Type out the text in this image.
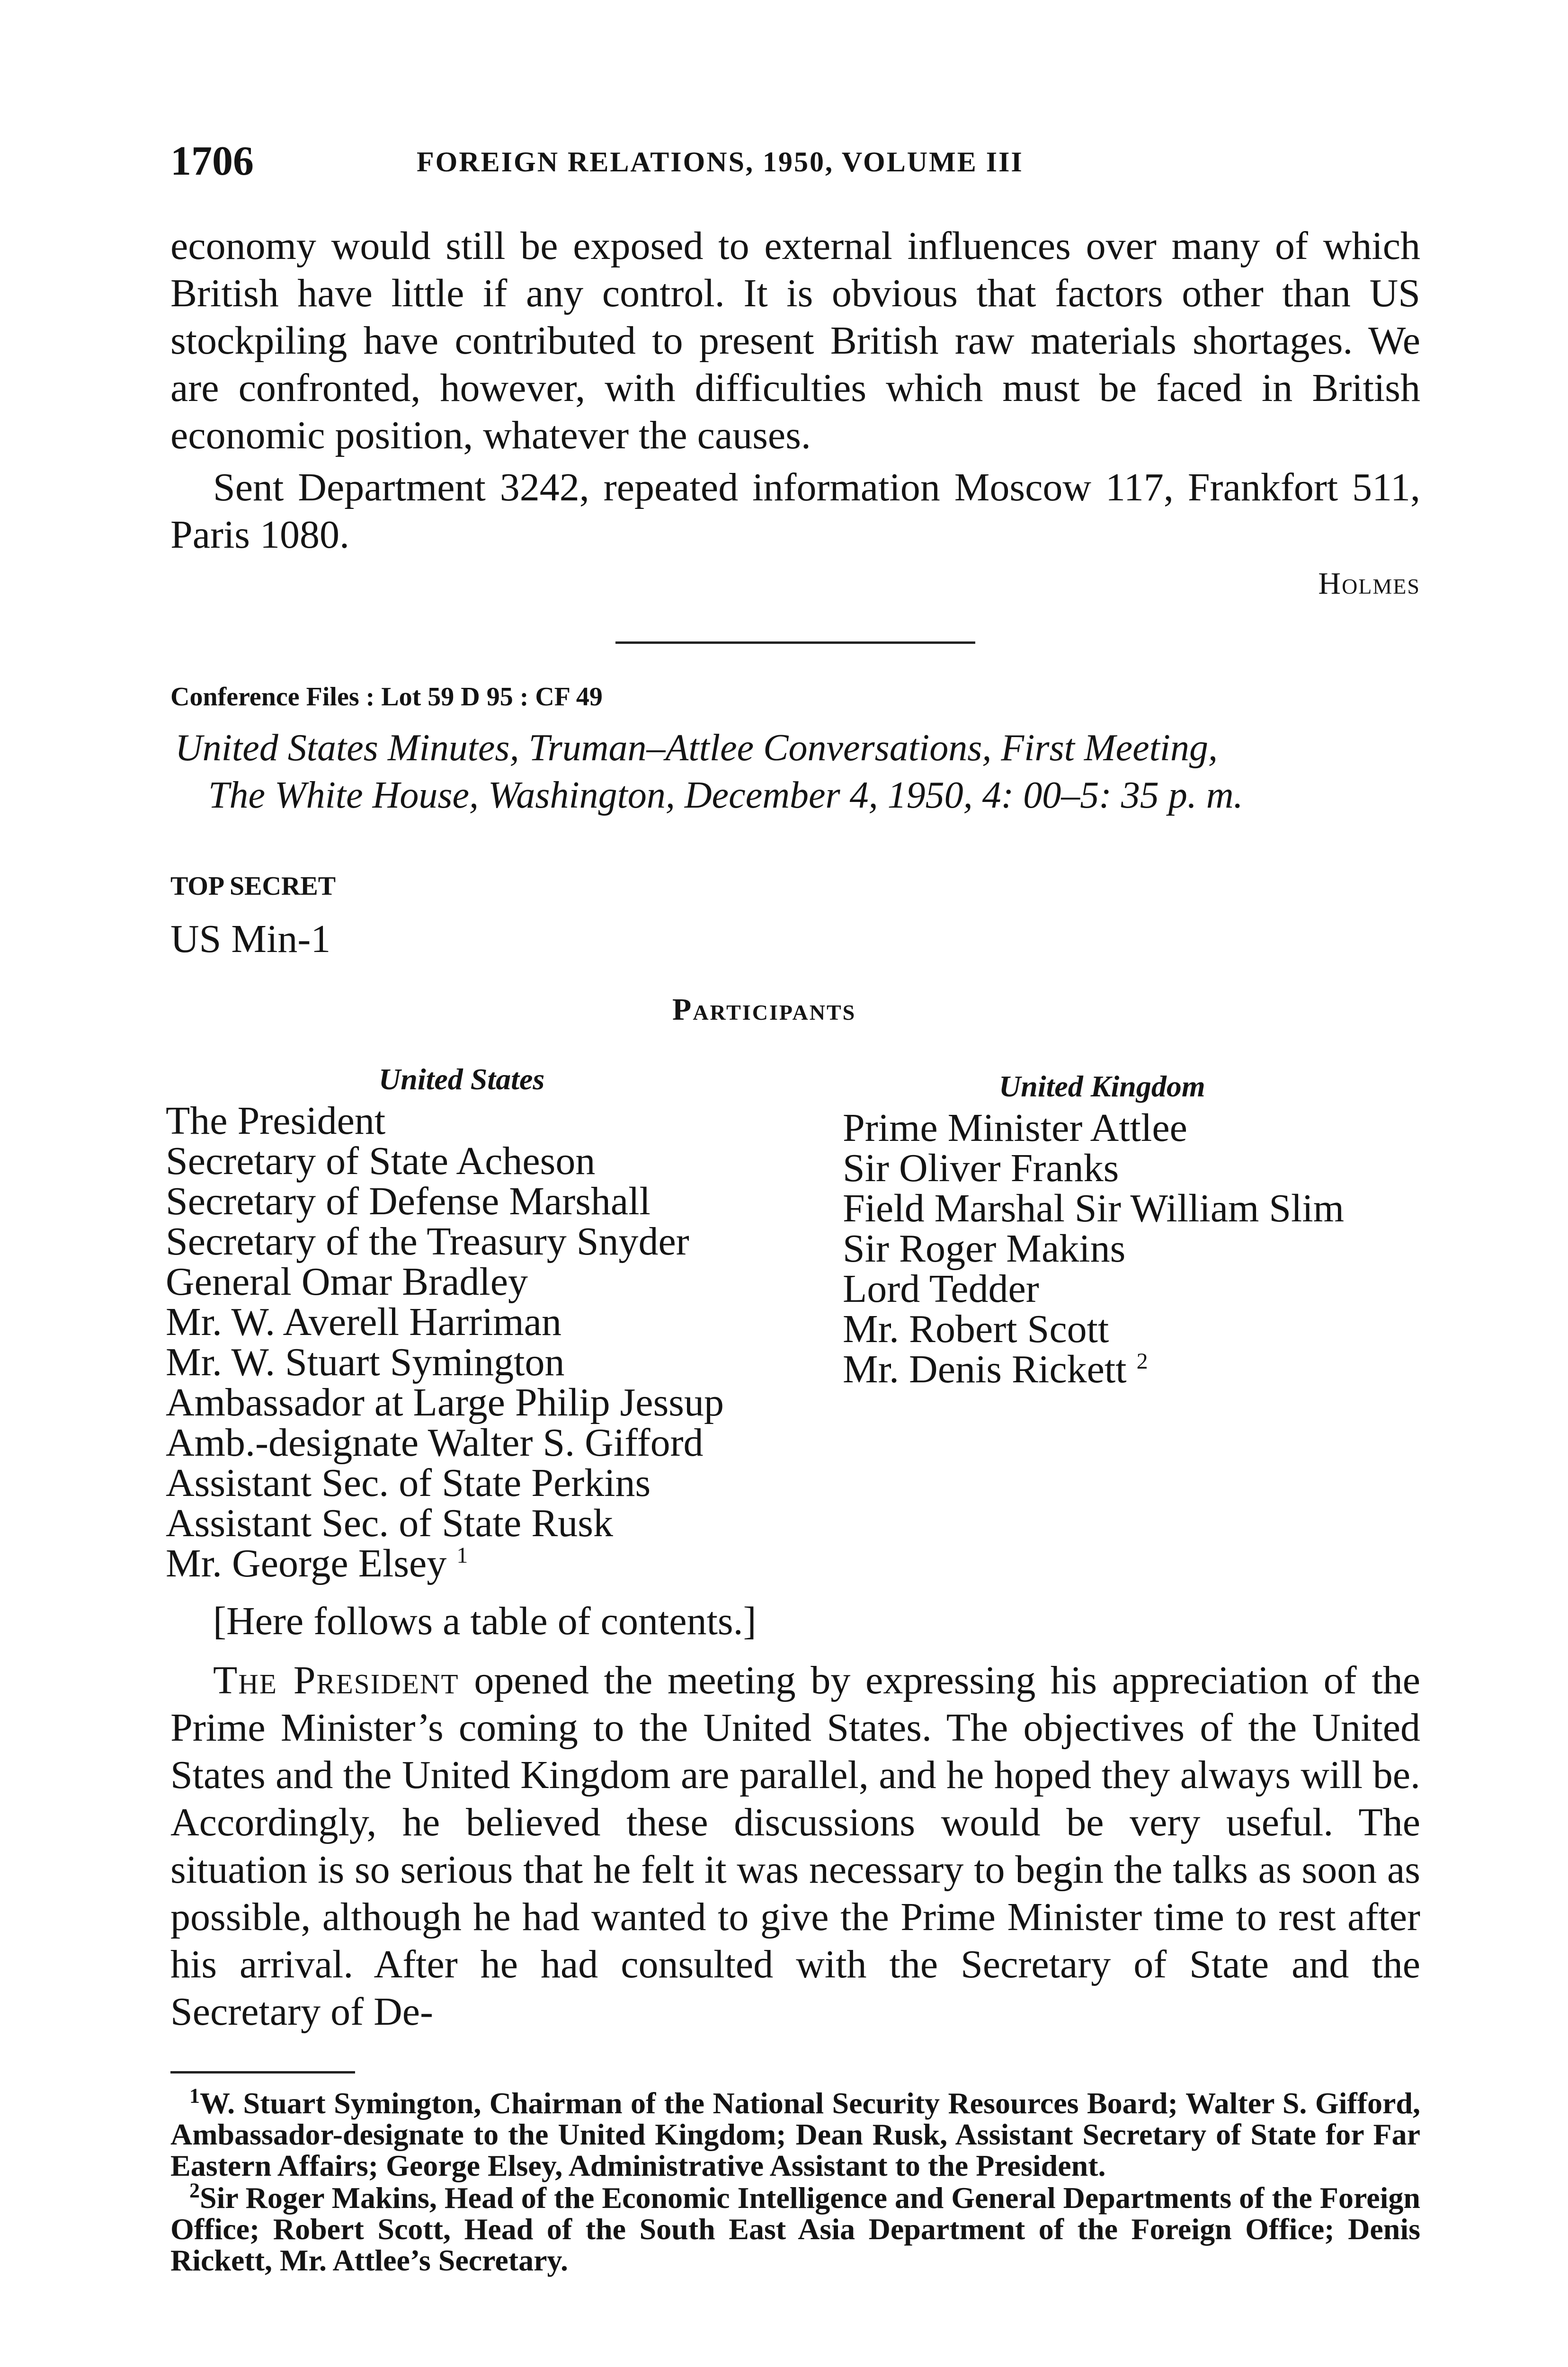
1706	FOREIGN RELATIONS, 1950, VOLUME III

economy would still be exposed to external influences over many of which British have little if any control. It is obvious that factors other than US stockpiling have contributed to present British raw materials shortages. We are confronted, however, with difficulties which must be faced in British economic position, whatever the causes.

Sent Department 3242, repeated information Moscow 117, Frankfort 511, Paris 1080.

Holmes
Conference Files : Lot 59 D 95 : CF 49
United States Minutes, Truman–Attlee Conversations, First Meeting,
The White House, Washington, December 4, 1950, 4: 00–5: 35 p. m.
TOP SECRET
US Min-1
Participants
United States
The President
Secretary of State Acheson
Secretary of Defense Marshall
Secretary of the Treasury Snyder
General Omar Bradley
Mr. W. Averell Harriman
Mr. W. Stuart Symington
Ambassador at Large Philip Jessup
Amb.-designate Walter S. Gifford
Assistant Sec. of State Perkins
Assistant Sec. of State Rusk
Mr. George Elsey $^1$
United Kingdom
Prime Minister Attlee
Sir Oliver Franks
Field Marshal Sir William Slim
Sir Roger Makins
Lord Tedder
Mr. Robert Scott
Mr. Denis Rickett $^2$

[Here follows a table of contents.]

The President opened the meeting by expressing his appreciation of the Prime Minister’s coming to the United States. The objectives of the United States and the United Kingdom are parallel, and he hoped they always will be. Accordingly, he believed these discussions would be very useful. The situation is so serious that he felt it was necessary to begin the talks as soon as possible, although he had wanted to give the Prime Minister time to rest after his arrival. After he had consulted with the Secretary of State and the Secretary of De-

$^1$W. Stuart Symington, Chairman of the National Security Resources Board; Walter S. Gifford, Ambassador-designate to the United Kingdom; Dean Rusk, Assistant Secretary of State for Far Eastern Affairs; George Elsey, Administrative Assistant to the President.
$^2$Sir Roger Makins, Head of the Economic Intelligence and General Departments of the Foreign Office; Robert Scott, Head of the South East Asia Department of the Foreign Office; Denis Rickett, Mr. Attlee’s Secretary.
